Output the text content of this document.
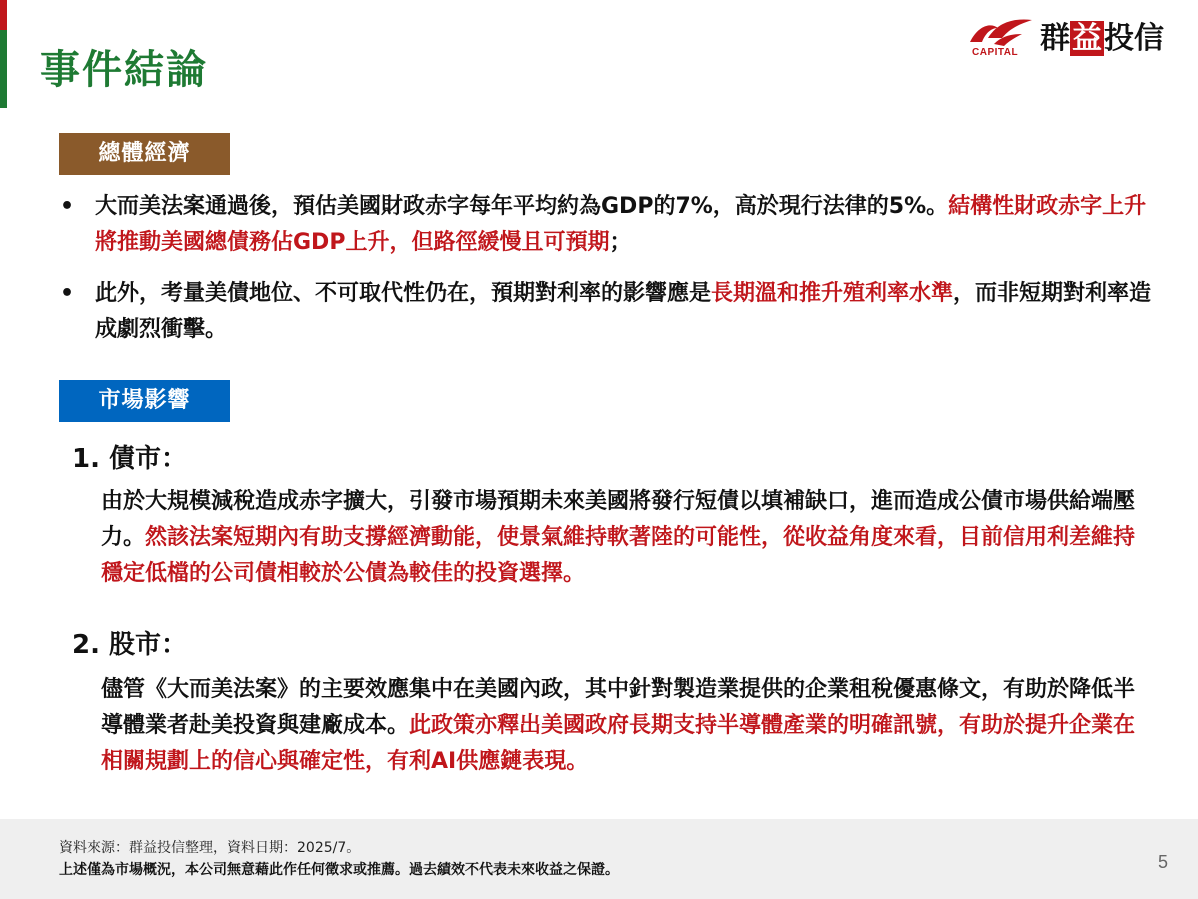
事件結論	CAPITAL 群益投信
總體經濟
• 大而美法案通過後，預估美國財政赤字每年平均約為GDP的7%，高於現行法律的5%。結構性財政赤字上升將推動美國總債務佔GDP上升，但路徑緩慢且可預期；
• 此外，考量美債地位、不可取代性仍在，預期對利率的影響應是長期溫和推升殖利率水準，而非短期對利率造成劇烈衝擊。
市場影響
1. 債市：
由於大規模減稅造成赤字擴大，引發市場預期未來美國將發行短債以填補缺口，進而造成公債市場供給端壓力。然該法案短期內有助支撐經濟動能，使景氣維持軟著陸的可能性，從收益角度來看，目前信用利差維持穩定低檔的公司債相較於公債為較佳的投資選擇。
2. 股市：
儘管《大而美法案》的主要效應集中在美國內政，其中針對製造業提供的企業租稅優惠條文，有助於降低半導體業者赴美投資與建廠成本。此政策亦釋出美國政府長期支持半導體產業的明確訊號，有助於提升企業在相關規劃上的信心與確定性，有利AI供應鏈表現。
資料來源：群益投信整理，資料日期：2025/7。
上述僅為市場概況，本公司無意藉此作任何徵求或推薦。過去績效不代表未來收益之保證。	5
